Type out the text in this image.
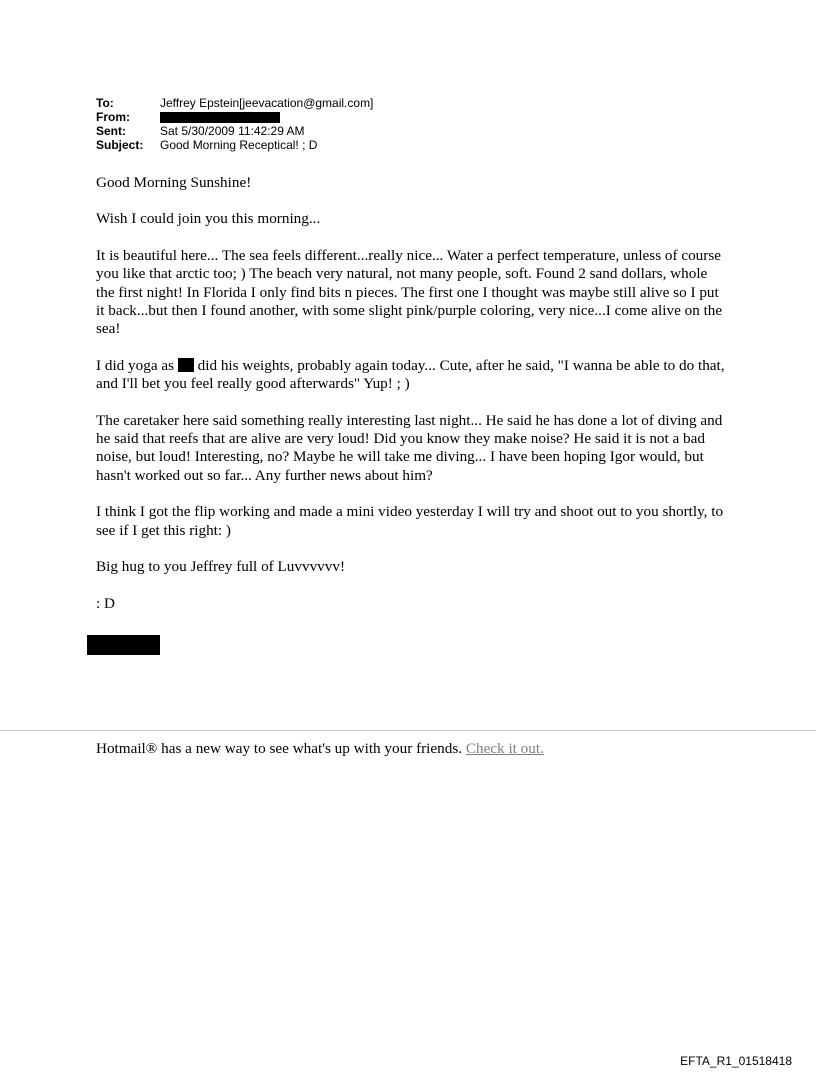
To:	Jeffrey Epstein[jeevacation@gmail.com]
From:
Sent:	Sat 5/30/2009 11:42:29 AM
Subject:	Good Morning Receptical! ; D

Good Morning Sunshine!

Wish I could join you this morning...

It is beautiful here... The sea feels different...really nice... Water a perfect temperature, unless of course you like that arctic too; ) The beach very natural, not many people, soft. Found 2 sand dollars, whole the first night! In Florida I only find bits n pieces. The first one I thought was maybe still alive so I put it back...but then I found another, with some slight pink/purple coloring, very nice...I come alive on the sea!

I did yoga as  did his weights, probably again today... Cute, after he said, "I wanna be able to do that, and I'll bet you feel really good afterwards" Yup! ; )

The caretaker here said something really interesting last night... He said he has done a lot of diving and he said that reefs that are alive are very loud! Did you know they make noise? He said it is not a bad noise, but loud! Interesting, no? Maybe he will take me diving... I have been hoping Igor would, but hasn't worked out so far... Any further news about him?

I think I got the flip working and made a mini video yesterday I will try and shoot out to you shortly, to see if I get this right: )

Big hug to you Jeffrey full of Luvvvvvv!

: D

Hotmail® has a new way to see what's up with your friends. Check it out.
EFTA_R1_01518418
